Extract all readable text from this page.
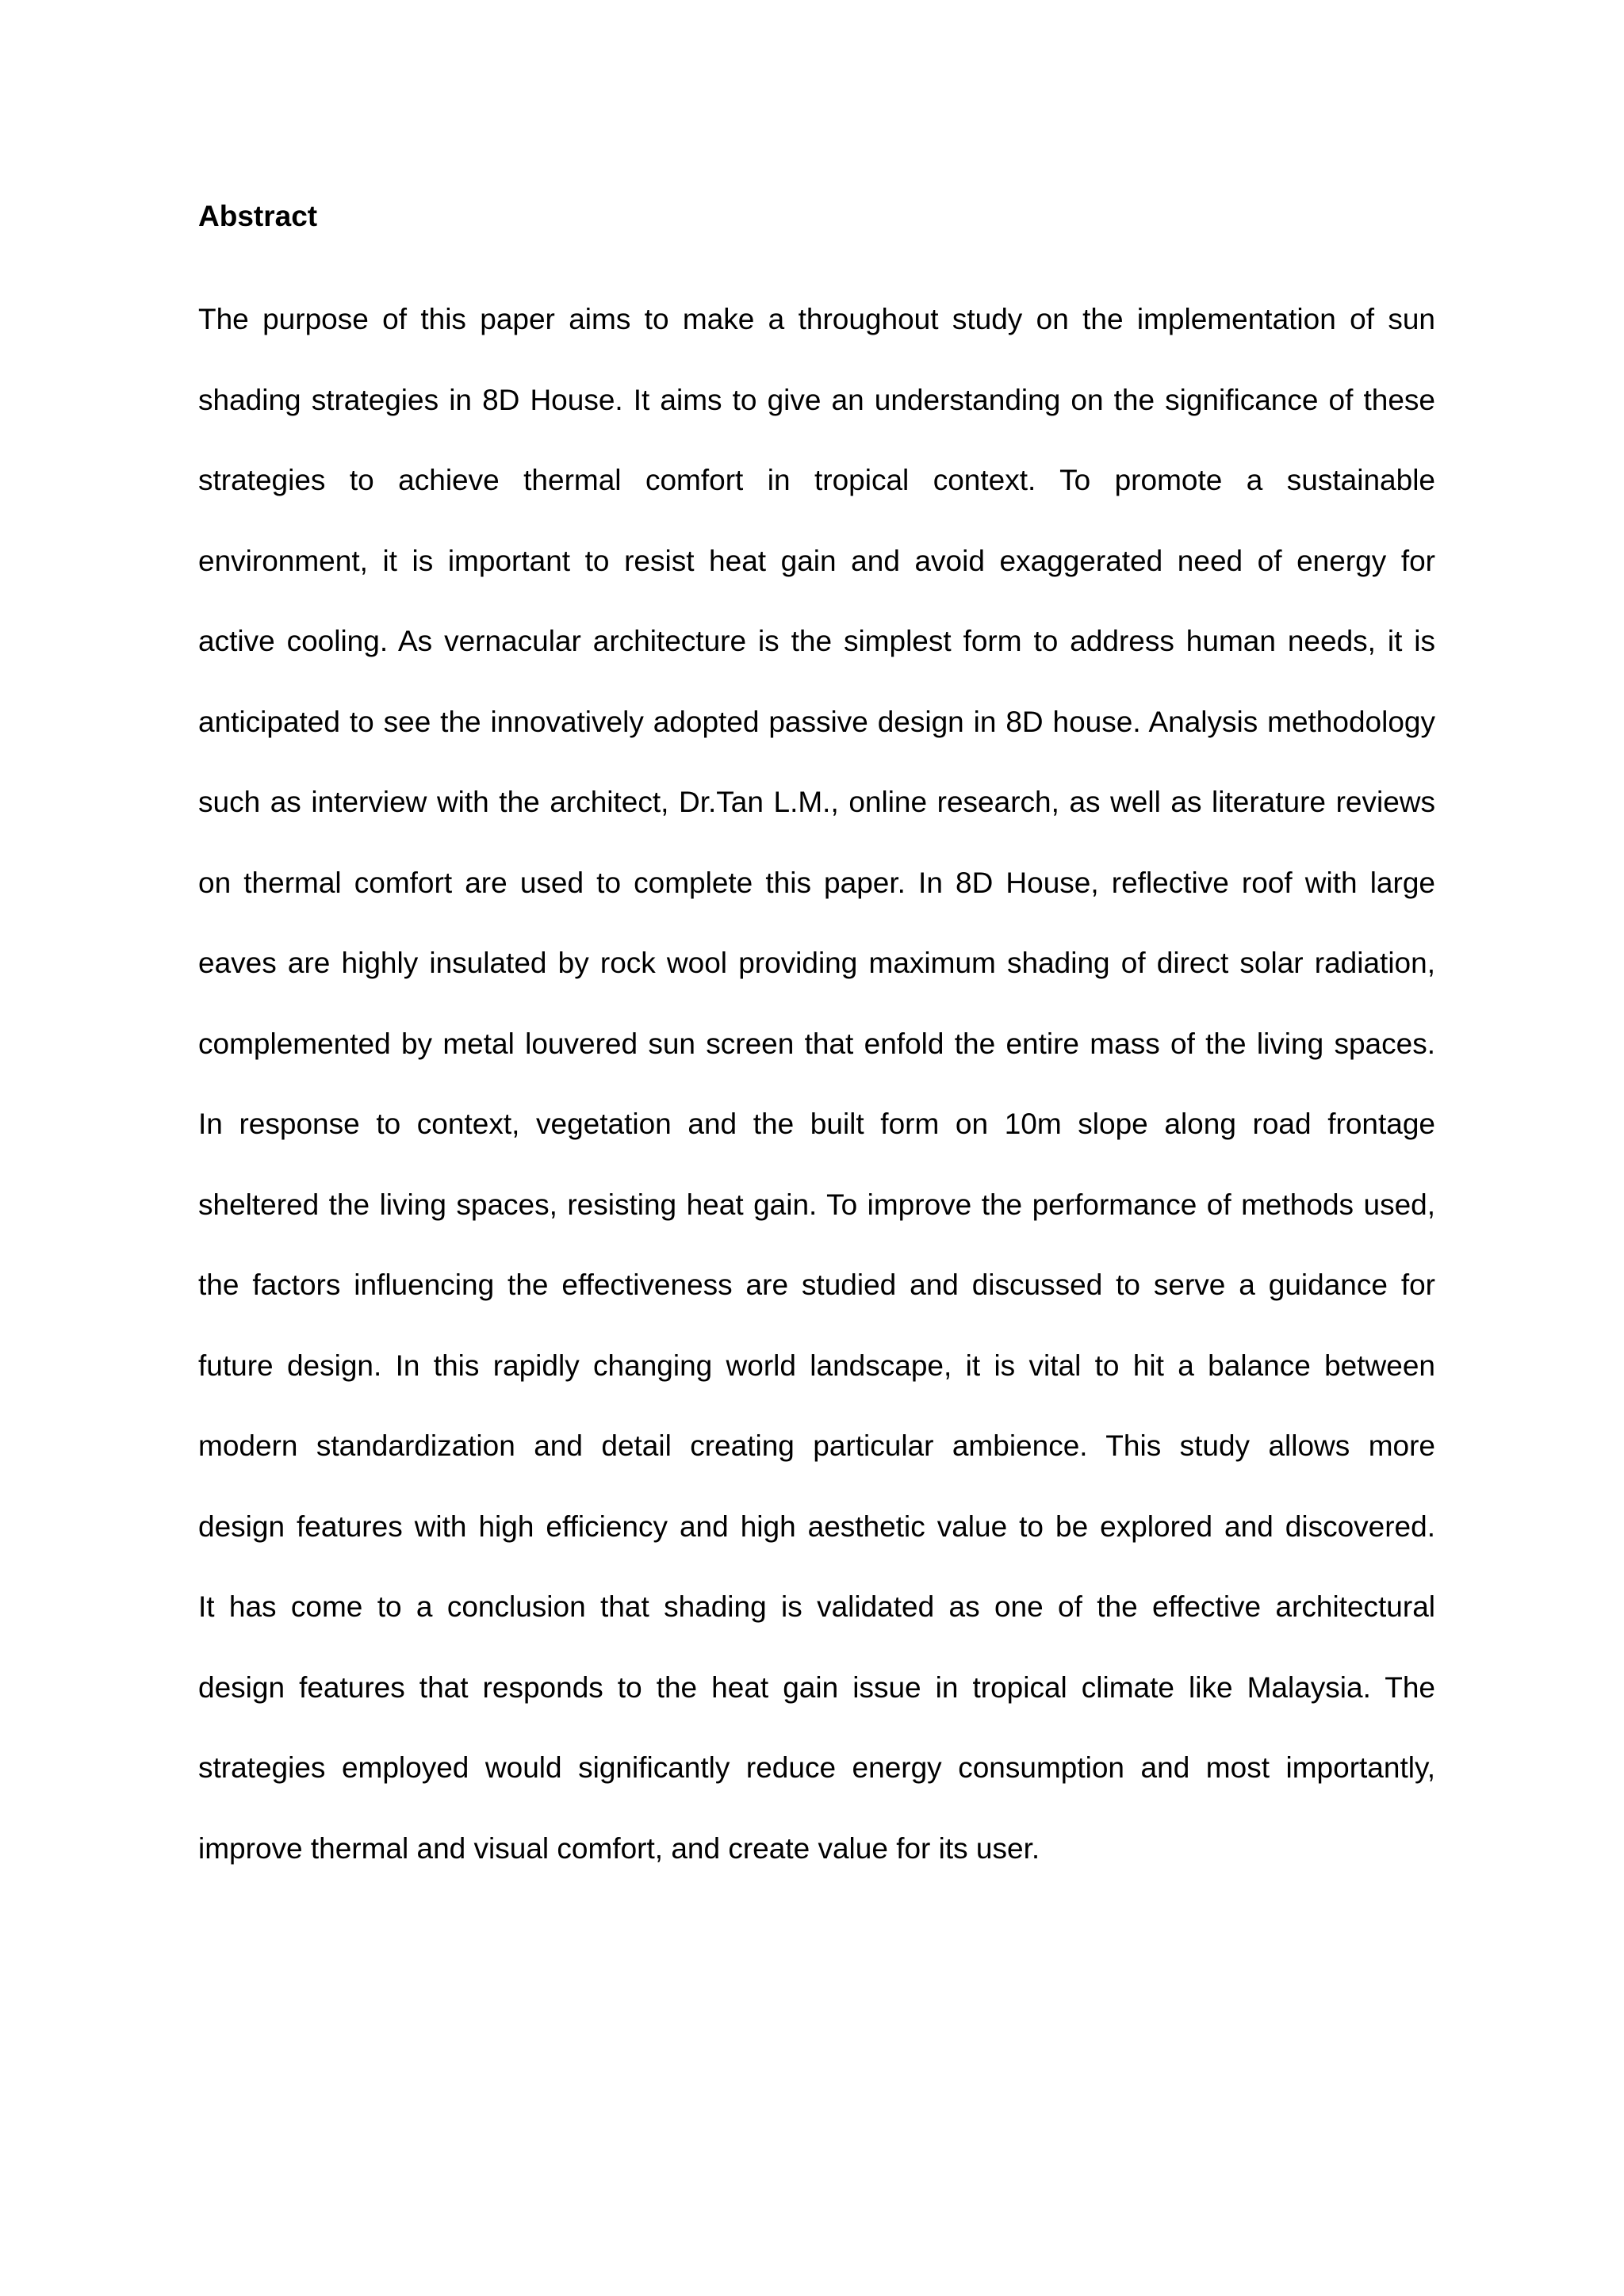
Abstract
The purpose of this paper aims to make a throughout study on the implementation of sun
shading strategies in 8D House. It aims to give an understanding on the significance of these
strategies to achieve thermal comfort in tropical context. To promote a sustainable
environment, it is important to resist heat gain and avoid exaggerated need of energy for
active cooling. As vernacular architecture is the simplest form to address human needs, it is
anticipated to see the innovatively adopted passive design in 8D house. Analysis methodology
such as interview with the architect, Dr.Tan L.M., online research, as well as literature reviews
on thermal comfort are used to complete this paper. In 8D House, reflective roof with large
eaves are highly insulated by rock wool providing maximum shading of direct solar radiation,
complemented by metal louvered sun screen that enfold the entire mass of the living spaces.
In response to context, vegetation and the built form on 10m slope along road frontage
sheltered the living spaces, resisting heat gain. To improve the performance of methods used,
the factors influencing the effectiveness are studied and discussed to serve a guidance for
future design. In this rapidly changing world landscape, it is vital to hit a balance between
modern standardization and detail creating particular ambience. This study allows more
design features with high efficiency and high aesthetic value to be explored and discovered.
It has come to a conclusion that shading is validated as one of the effective architectural
design features that responds to the heat gain issue in tropical climate like Malaysia. The
strategies employed would significantly reduce energy consumption and most importantly,
improve thermal and visual comfort, and create value for its user.
